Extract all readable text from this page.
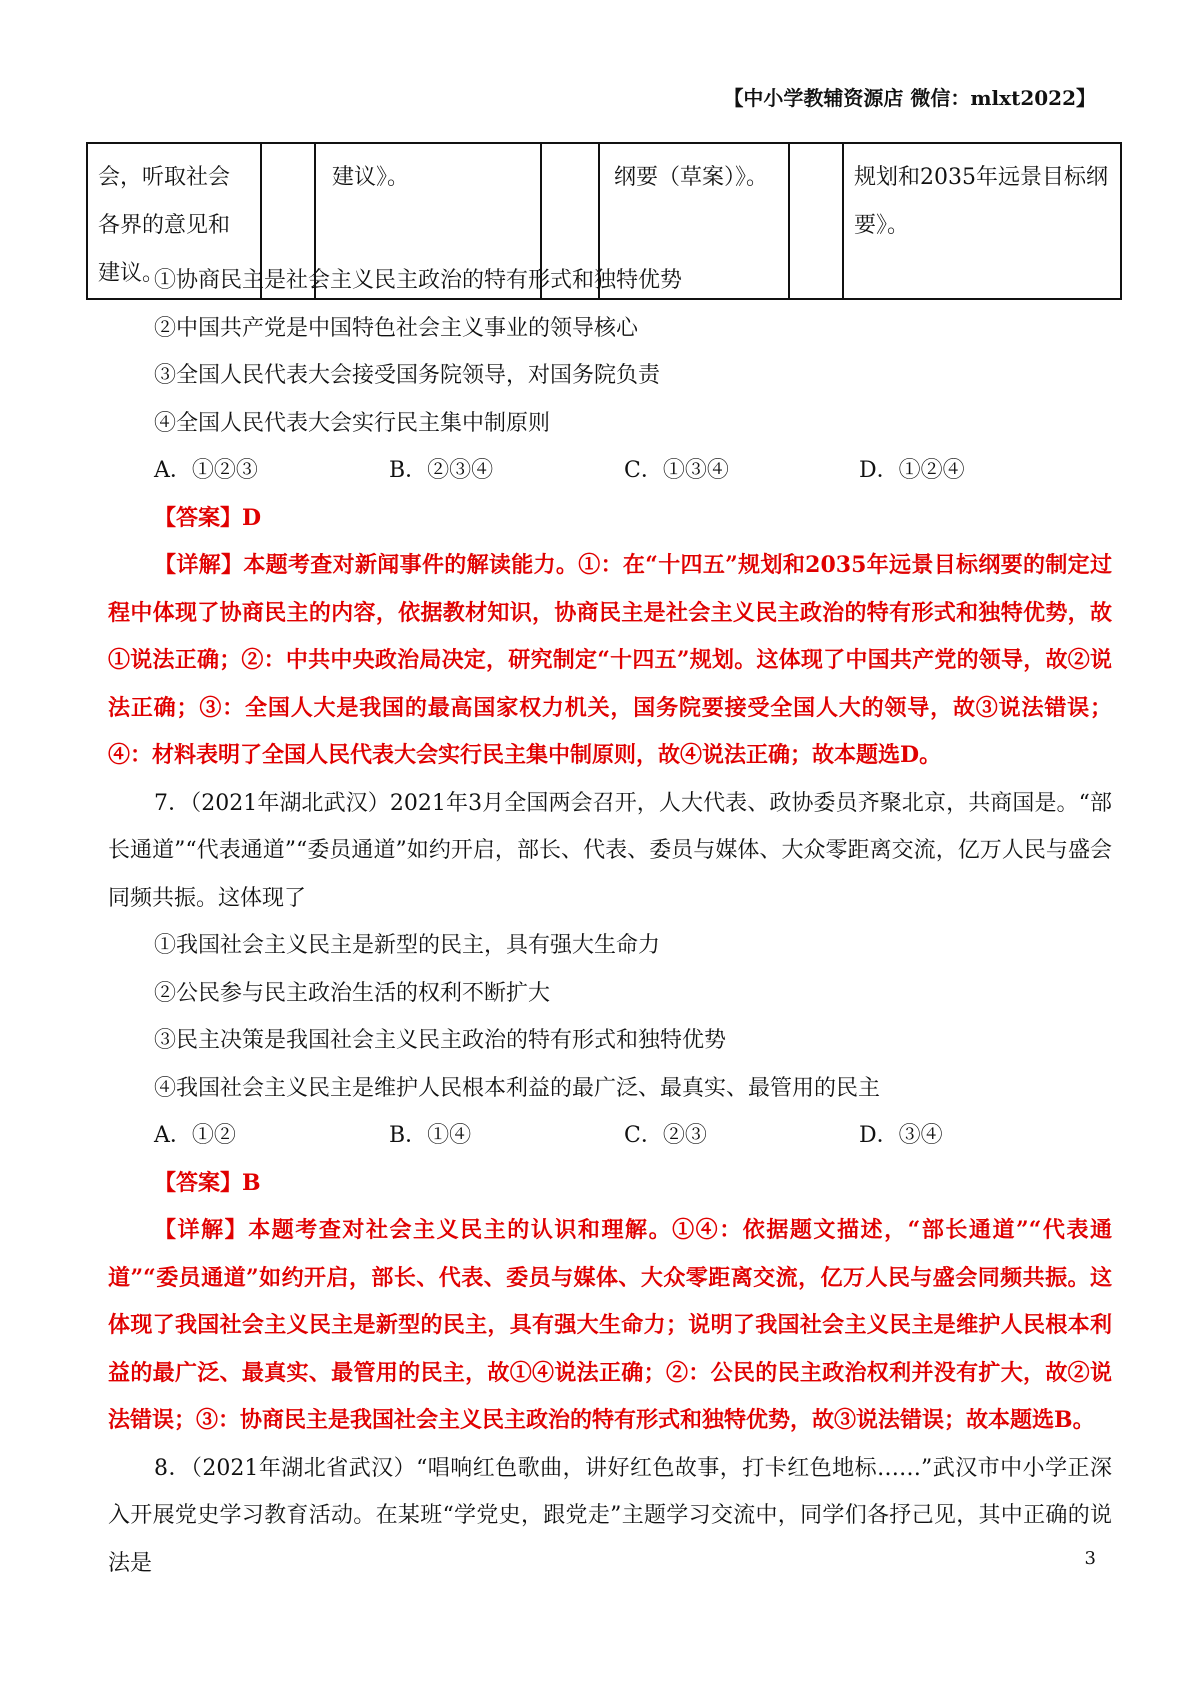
【中小学教辅资源店 微信：mlxt2022】
会，听取社会各界的意见和建议。		建议》。		纲要（草案）》。		规划和2035年远景目标纲要》。
①协商民主是社会主义民主政治的特有形式和独特优势
②中国共产党是中国特色社会主义事业的领导核心
③全国人民代表大会接受国务院领导，对国务院负责
④全国人民代表大会实行民主集中制原则
A．①②③	B．②③④	C．①③④	D．①②④
【答案】D
【详解】本题考查对新闻事件的解读能力。①：在“十四五”规划和2035年远景目标纲要的制定过程中体现了协商民主的内容，依据教材知识，协商民主是社会主义民主政治的特有形式和独特优势，故①说法正确；②：中共中央政治局决定，研究制定“十四五”规划。这体现了中国共产党的领导，故②说法正确；③：全国人大是我国的最高国家权力机关，国务院要接受全国人大的领导，故③说法错误；④：材料表明了全国人民代表大会实行民主集中制原则，故④说法正确；故本题选D。
7．（2021年湖北武汉）2021年3月全国两会召开，人大代表、政协委员齐聚北京，共商国是。“部长通道”“代表通道”“委员通道”如约开启，部长、代表、委员与媒体、大众零距离交流，亿万人民与盛会同频共振。这体现了
①我国社会主义民主是新型的民主，具有强大生命力
②公民参与民主政治生活的权利不断扩大
③民主决策是我国社会主义民主政治的特有形式和独特优势
④我国社会主义民主是维护人民根本利益的最广泛、最真实、最管用的民主
A．①②	B．①④	C．②③	D．③④
【答案】B
【详解】本题考查对社会主义民主的认识和理解。①④：依据题文描述，“部长通道”“代表通道”“委员通道”如约开启，部长、代表、委员与媒体、大众零距离交流，亿万人民与盛会同频共振。这体现了我国社会主义民主是新型的民主，具有强大生命力；说明了我国社会主义民主是维护人民根本利益的最广泛、最真实、最管用的民主，故①④说法正确；②：公民的民主政治权利并没有扩大，故②说法错误；③：协商民主是我国社会主义民主政治的特有形式和独特优势，故③说法错误；故本题选B。
8．（2021年湖北省武汉）“唱响红色歌曲，讲好红色故事，打卡红色地标……”武汉市中小学正深入开展党史学习教育活动。在某班“学党史，跟党走”主题学习交流中，同学们各抒己见，其中正确的说法是	3
